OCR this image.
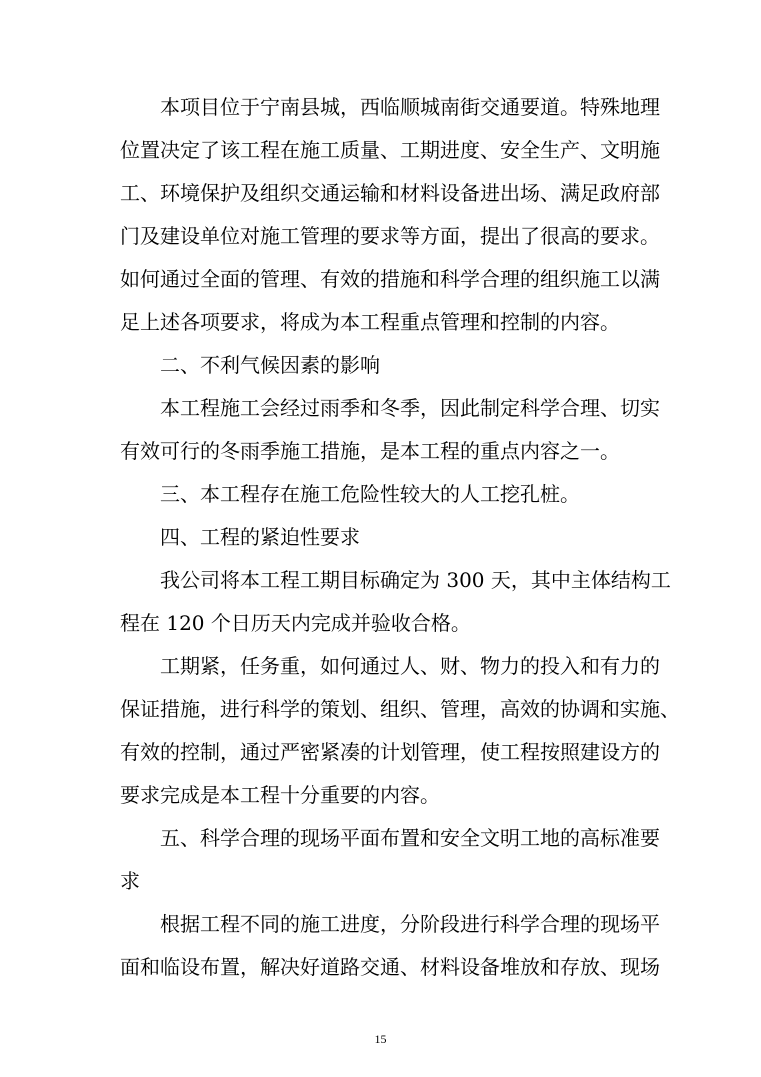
本项目位于宁南县城，西临顺城南街交通要道。特殊地理
位置决定了该工程在施工质量、工期进度、安全生产、文明施
工、环境保护及组织交通运输和材料设备进出场、满足政府部
门及建设单位对施工管理的要求等方面，提出了很高的要求。
如何通过全面的管理、有效的措施和科学合理的组织施工以满
足上述各项要求，将成为本工程重点管理和控制的内容。
二、不利气候因素的影响
本工程施工会经过雨季和冬季，因此制定科学合理、切实
有效可行的冬雨季施工措施，是本工程的重点内容之一。
三、本工程存在施工危险性较大的人工挖孔桩。
四、工程的紧迫性要求
我公司将本工程工期目标确定为 300 天，其中主体结构工
程在 120 个日历天内完成并验收合格。
工期紧，任务重，如何通过人、财、物力的投入和有力的
保证措施，进行科学的策划、组织、管理，高效的协调和实施、
有效的控制，通过严密紧凑的计划管理，使工程按照建设方的
要求完成是本工程十分重要的内容。
五、科学合理的现场平面布置和安全文明工地的高标准要
求
根据工程不同的施工进度，分阶段进行科学合理的现场平
面和临设布置，解决好道路交通、材料设备堆放和存放、现场
15
